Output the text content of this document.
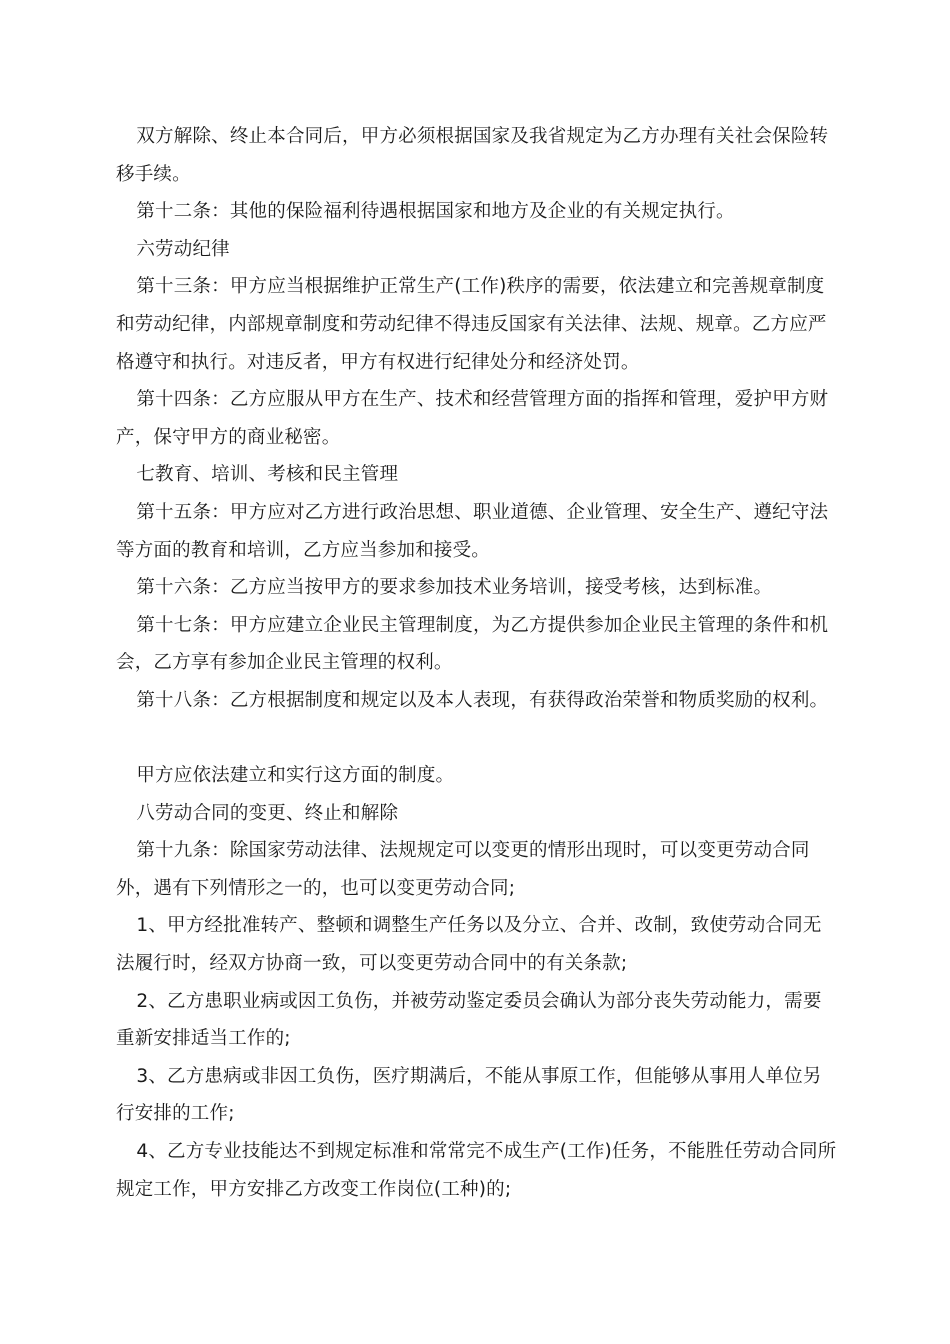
双方解除、终止本合同后，甲方必须根据国家及我省规定为乙方办理有关社会保险转移手续。

第十二条：其他的保险福利待遇根据国家和地方及企业的有关规定执行。

六劳动纪律

第十三条：甲方应当根据维护正常生产(工作)秩序的需要，依法建立和完善规章制度和劳动纪律，内部规章制度和劳动纪律不得违反国家有关法律、法规、规章。乙方应严格遵守和执行。对违反者，甲方有权进行纪律处分和经济处罚。

第十四条：乙方应服从甲方在生产、技术和经营管理方面的指挥和管理，爱护甲方财产，保守甲方的商业秘密。

七教育、培训、考核和民主管理

第十五条：甲方应对乙方进行政治思想、职业道德、企业管理、安全生产、遵纪守法等方面的教育和培训，乙方应当参加和接受。

第十六条：乙方应当按甲方的要求参加技术业务培训，接受考核，达到标准。

第十七条：甲方应建立企业民主管理制度，为乙方提供参加企业民主管理的条件和机会，乙方享有参加企业民主管理的权利。

第十八条：乙方根据制度和规定以及本人表现，有获得政治荣誉和物质奖励的权利。

甲方应依法建立和实行这方面的制度。

八劳动合同的变更、终止和解除

第十九条：除国家劳动法律、法规规定可以变更的情形出现时，可以变更劳动合同外，遇有下列情形之一的，也可以变更劳动合同;

1、甲方经批准转产、整顿和调整生产任务以及分立、合并、改制，致使劳动合同无法履行时，经双方协商一致，可以变更劳动合同中的有关条款;

2、乙方患职业病或因工负伤，并被劳动鉴定委员会确认为部分丧失劳动能力，需要重新安排适当工作的;

3、乙方患病或非因工负伤，医疗期满后，不能从事原工作，但能够从事用人单位另行安排的工作;

4、乙方专业技能达不到规定标准和常常完不成生产(工作)任务，不能胜任劳动合同所规定工作，甲方安排乙方改变工作岗位(工种)的;
